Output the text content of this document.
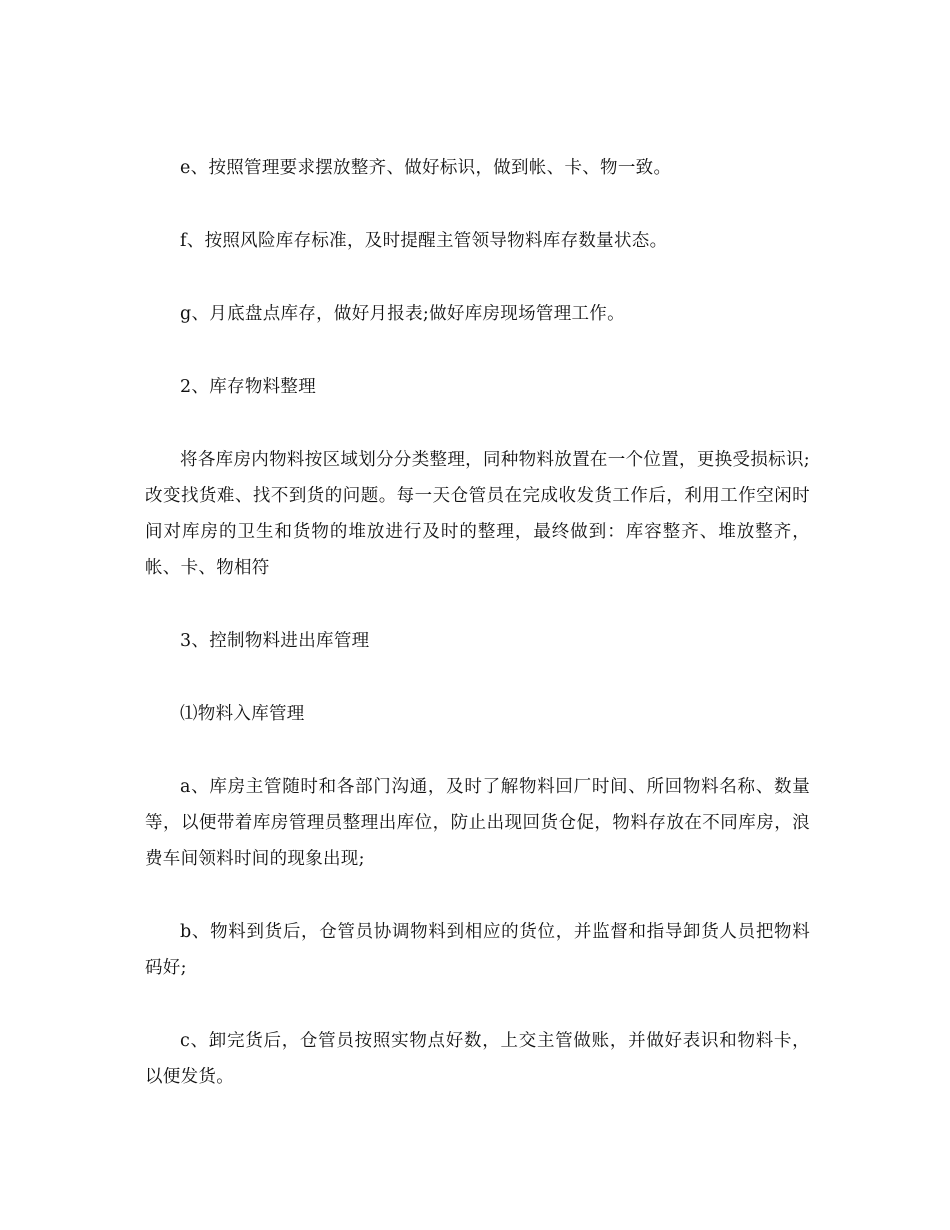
e、按照管理要求摆放整齐、做好标识，做到帐、卡、物一致。

f、按照风险库存标准，及时提醒主管领导物料库存数量状态。

g、月底盘点库存，做好月报表;做好库房现场管理工作。

2、库存物料整理

将各库房内物料按区域划分分类整理，同种物料放置在一个位置，更换受损标识;改变找货难、找不到货的问题。每一天仓管员在完成收发货工作后，利用工作空闲时间对库房的卫生和货物的堆放进行及时的整理，最终做到：库容整齐、堆放整齐，帐、卡、物相符

3、控制物料进出库管理

⑴物料入库管理

a、库房主管随时和各部门沟通，及时了解物料回厂时间、所回物料名称、数量等，以便带着库房管理员整理出库位，防止出现回货仓促，物料存放在不同库房，浪费车间领料时间的现象出现;

b、物料到货后，仓管员协调物料到相应的货位，并监督和指导卸货人员把物料码好;

c、卸完货后，仓管员按照实物点好数，上交主管做账，并做好表识和物料卡，以便发货。
